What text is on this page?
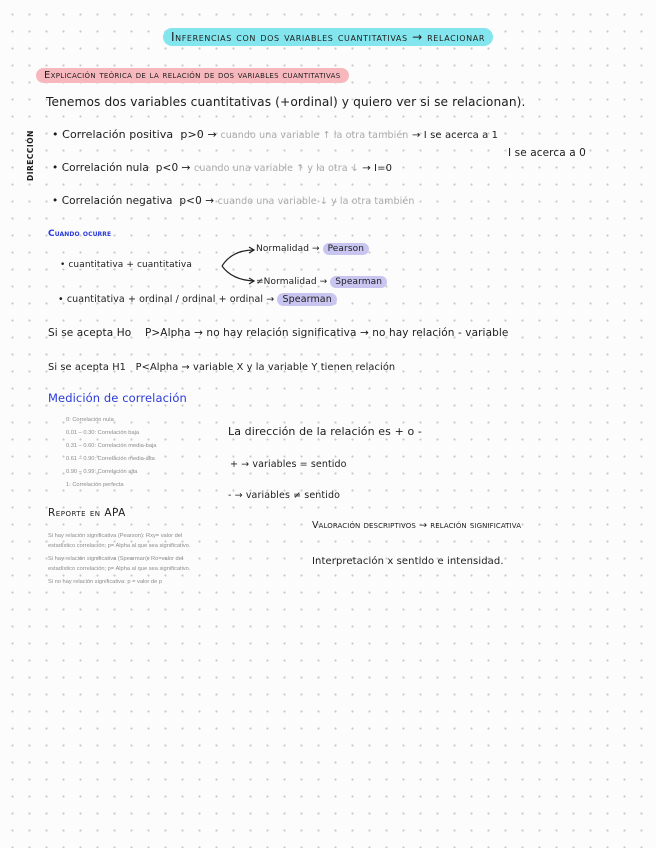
Inferencias con dos variables cuantitativas → relacionar
Explicación teórica de la relación de dos variables cuantitativas
Tenemos dos variables cuantitativas (+ordinal) y quiero ver si se relacionan).
DIRECCIÓN • Correlación positiva p>0 → cuando una variable ↑ la otra también → I se acerca a 1
I se acerca a 0
• Correlación nula p<0 → cuando una variable ↑ y la otra ↓ → I=0
• Correlación negativa p<0 → cuando una variable ↓ y la otra también
Cuando ocurre
• cuantitativa + cuantitativa
Normalidad → Pearson
≠Normalidad → Spearman
• cuantitativa + ordinal / ordinal + ordinal → Spearman
Si se acepta Ho    P>Alpha → no hay relación significativa → no hay relación - variable
Si se acepta H1   P<Alpha → variable X y la variable Y tienen relación
Medición de correlación
0: Correlación nula
0.01 – 0.30: Correlación baja
0.31 – 0.60: Correlación media-baja
0.61 – 0.90: Correlación media-alta
0.90 – 0.99: Correlación alta
1: Correlación perfecta
La dirección de la relación es + o -
+ → variables = sentido
- → variables ≠ sentido
Reporte en APA
Si hay relación significativa (Pearson): Rxy= valor del
estadístico correlación; p= Alpha al que sea significativo.
Si hay relación significativa (Spearman): Ro=valor del
estadístico correlación; p= Alpha al que sea significativo.
Si no hay relación significativa: p = valor de p
Valoración descriptivos → relación significativa
Interpretación x sentido e intensidad.
